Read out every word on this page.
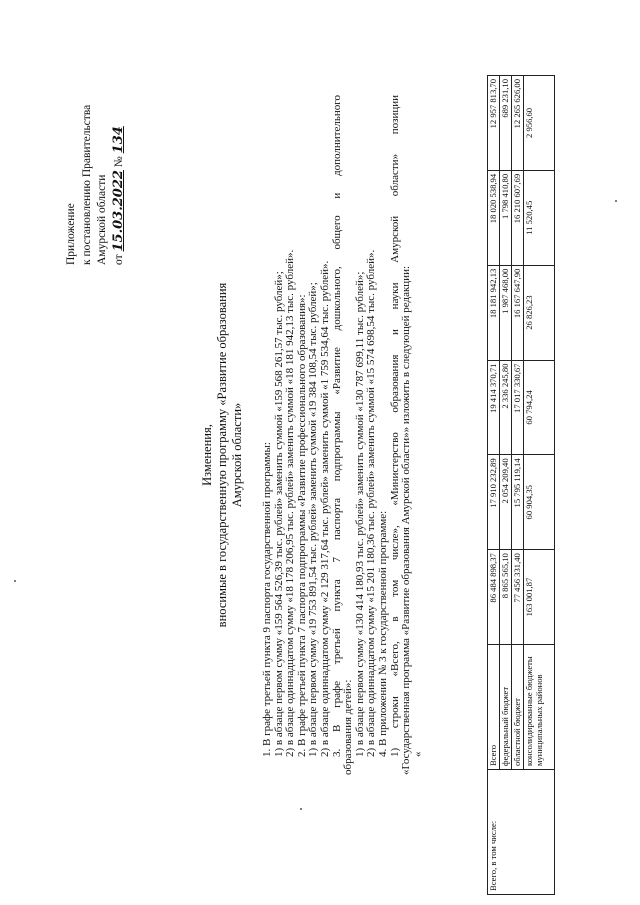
Приложение к постановлению Правительства Амурской области от 15.03.2022 № 134
Изменения, вносимые в государственную программу «Развитие образования Амурской области» 1. В графе третьей пункта 9 паспорта государственной программы: 1) в абзаце первом сумму «159 564 526,39 тыс. рублей» заменить суммой «159 568 261,57 тыс. рублей»; 2) в абзаце одиннадцатом сумму «18 178 206,95 тыс. рублей» заменить суммой «18 181 942,13 тыс. рублей». 2. В графе третьей пункта 7 паспорта подпрограммы «Развитие профессионального образования»: 1) в абзаце первом сумму «19 753 891,54 тыс. рублей» заменить суммой «19 384 108,54 тыс. рублей»; 2) в абзаце одиннадцатом сумму «2 129 317,64 тыс. рублей» заменить суммой «1 759 534,64 тыс. рублей». 3. В графе третьей пункта 7 паспорта подпрограммы «Развитие дошкольного, общего и дополнительного образования детей»: 1) в абзаце первом сумму «130 414 180,93 тыс. рублей» заменить суммой «130 787 699,11 тыс. рублей»; 2) в абзаце одиннадцатом сумму «15 201 180,36 тыс. рублей» заменить суммой «15 574 698,54 тыс. рублей». 4. В приложении № 3 к государственной программе: 1) строки «Всего, в том числе», «Министерство образования и науки Амурской области» позиции «Государственная программа «Развитие образования Амурской области»» изложить в следующей редакции: «

Всего, в том числе:	Всего	86 484 898,37	17 910 232,89	19 414 370,71	18 181 942,13	18 020 538,94	12 957 813,70
	федеральный бюджет	8 865 565,10	2 054 209,40	2 336 245,80	1 987 468,00	1 798 410,80	689 231,10
	областной бюджет	77 456 331,40	15 795 119,14	17 017 330,67	16 167 647,90	16 210 607,69	12 265 626,00
	консолидированные бюджеты муниципальных районов	163 001,87	60 904,35	60 794,24	26 826,23	11 520,45	2 956,60
